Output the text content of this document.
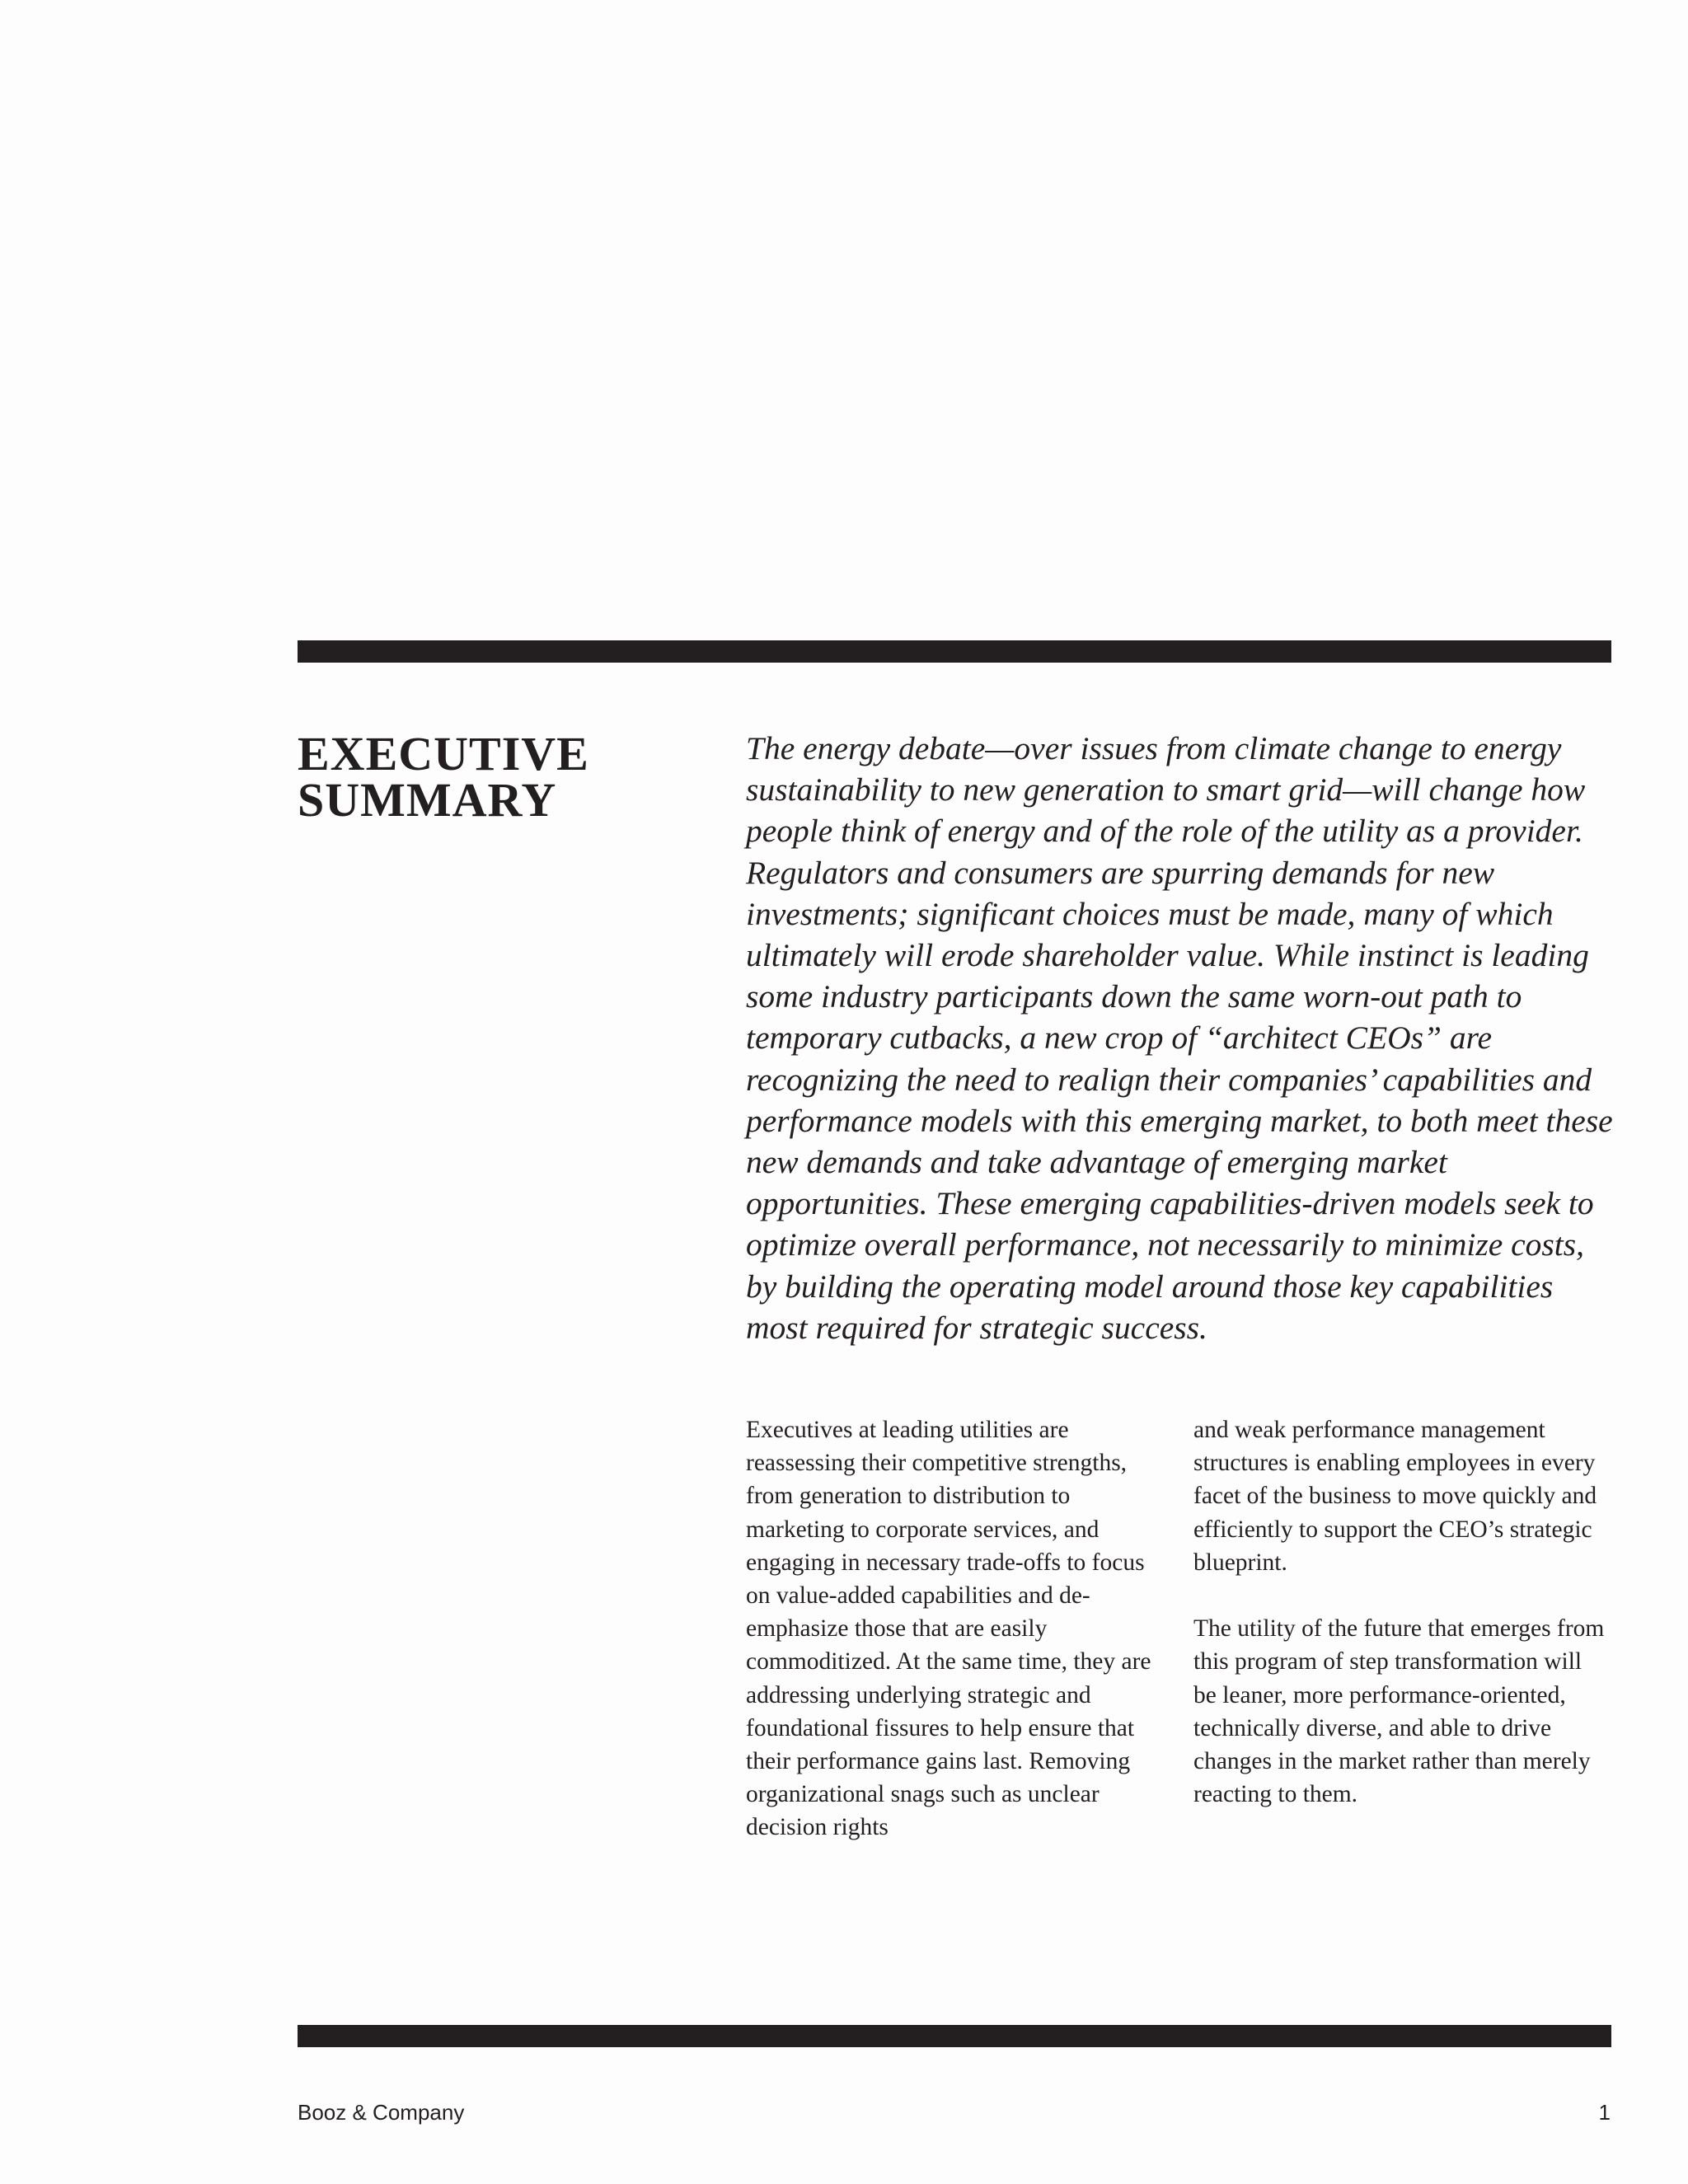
EXECUTIVE
SUMMARY

The energy debate—over issues from climate change to energy sustainability to new generation to smart grid—will change how people think of energy and of the role of the utility as a provider. Regulators and consumers are spurring demands for new investments; significant choices must be made, many of which ultimately will erode shareholder value. While instinct is leading some industry participants down the same worn-out path to temporary cutbacks, a new crop of “architect CEOs” are recognizing the need to realign their companies’ capabilities and performance models with this emerging market, to both meet these new demands and take advantage of emerging market opportunities. These emerging capabilities-driven models seek to optimize overall performance, not necessarily to minimize costs, by building the operating model around those key capabilities most required for strategic success.

Executives at leading utilities are reassessing their competitive strengths, from generation to distribution to marketing to corporate services, and engaging in necessary trade-offs to focus on value-added capabilities and de-emphasize those that are easily commoditized. At the same time, they are addressing underlying strategic and foundational fissures to help ensure that their performance gains last. Removing organizational snags such as unclear decision rights

and weak performance management structures is enabling employees in every facet of the business to move quickly and efficiently to support the CEO’s strategic blueprint.

The utility of the future that emerges from this program of step transformation will be leaner, more performance-oriented, technically diverse, and able to drive changes in the market rather than merely reacting to them.

Booz & Company	1
